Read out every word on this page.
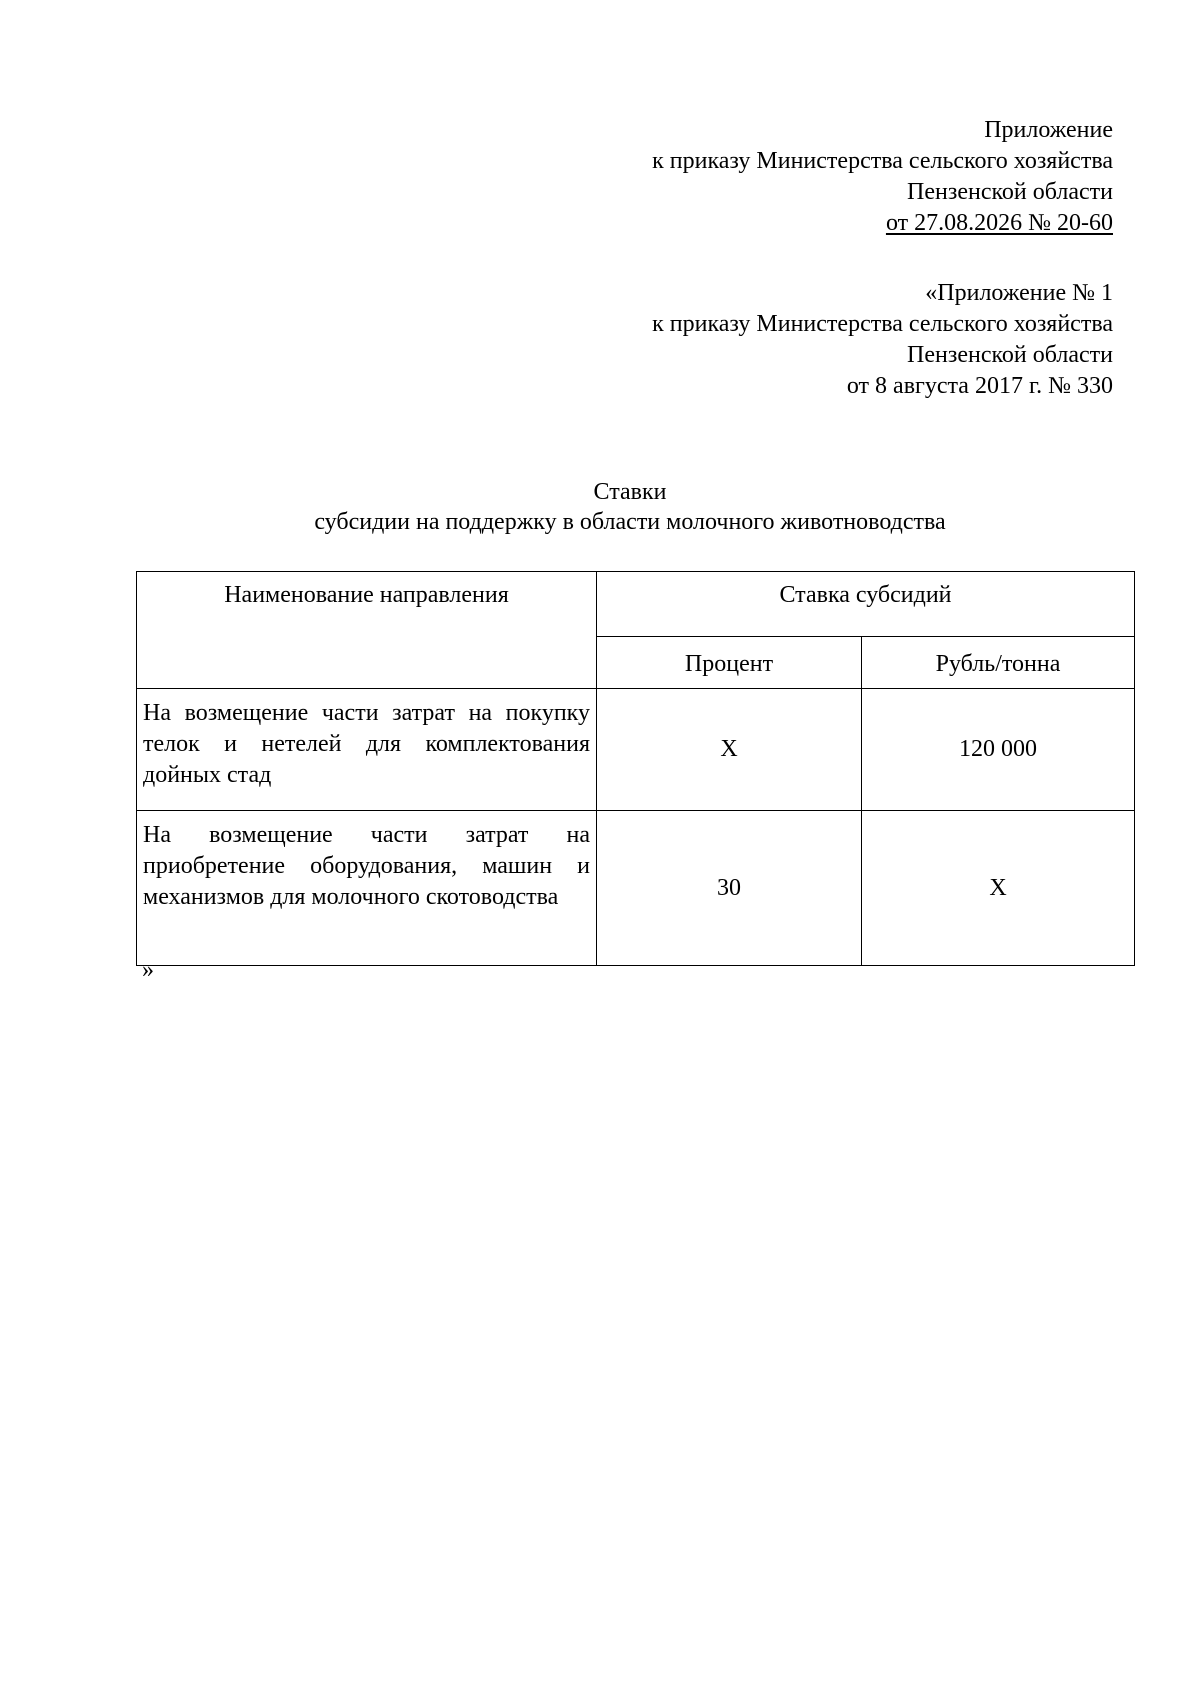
Приложение
к приказу Министерства сельского хозяйства
Пензенской области
от 27.08.2026 № 20-60
«Приложение № 1
к приказу Министерства сельского хозяйства
Пензенской области
от 8 августа 2017 г. № 330
Ставки
субсидии на поддержку в области молочного животноводства
Наименование направления	Ставка субсидий	
	Процент	Рубль/тонна
На возмещение части затрат на покупку телок и нетелей для комплектования дойных стад	X	120 000
На возмещение части затрат на приобретение оборудования, машин и механизмов для молочного скотоводства	30	X
»
